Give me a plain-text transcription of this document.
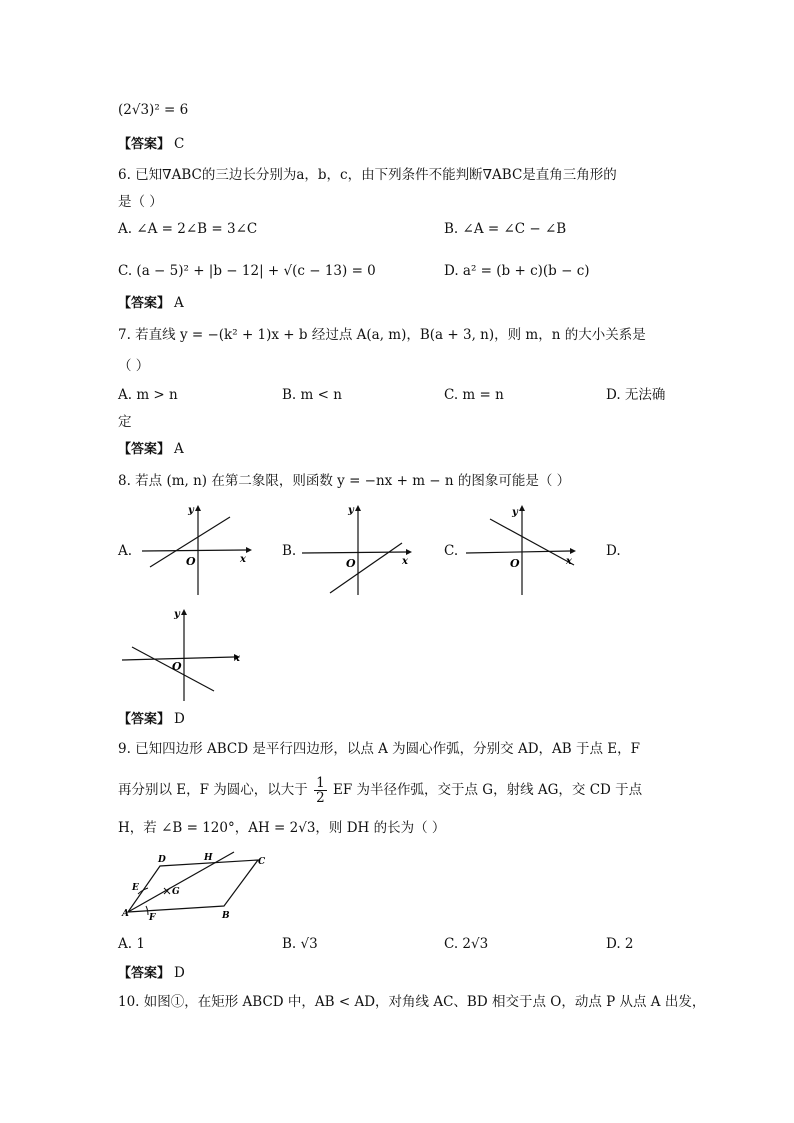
(2√3)² = 6
【答案】 C
6. 已知∇ABC的三边长分别为a，b，c，由下列条件不能判断∇ABC是直角三角形的
是（ ）
A. ∠A = 2∠B = 3∠C	B. ∠A = ∠C − ∠B
C. (a − 5)² + |b − 12| + √(c − 13) = 0	D. a² = (b + c)(b − c)
【答案】 A
7. 若直线 y = −(k² + 1)x + b 经过点 A(a, m)，B(a + 3, n)，则 m，n 的大小关系是
（ ）
A. m > n	B. m < n	C. m = n	D. 无法确
定
【答案】 A
8. 若点 (m, n) 在第二象限，则函数 y = −nx + m − n 的图象可能是（ ）
A.
O	x
y
B.
O	x
y
C.
O	x
y
D.
O
x
y
【答案】 D
9. 已知四边形 ABCD 是平行四边形，以点 A 为圆心作弧，分别交 AD，AB 于点 E，F
再分别以 E，F 为圆心，以大于 $\frac{1}{2}$ EF 为半径作弧，交于点 G，射线 AG，交 CD 于点
H，若 ∠B = 120°，AH = 2√3，则 DH 的长为（ ）
A	B
C
D
E
F
G
H
A. 1	B. √3	C. 2√3	D. 2
【答案】 D
10. 如图①，在矩形 ABCD 中，AB < AD，对角线 AC、BD 相交于点 O，动点 P 从点 A 出发，
